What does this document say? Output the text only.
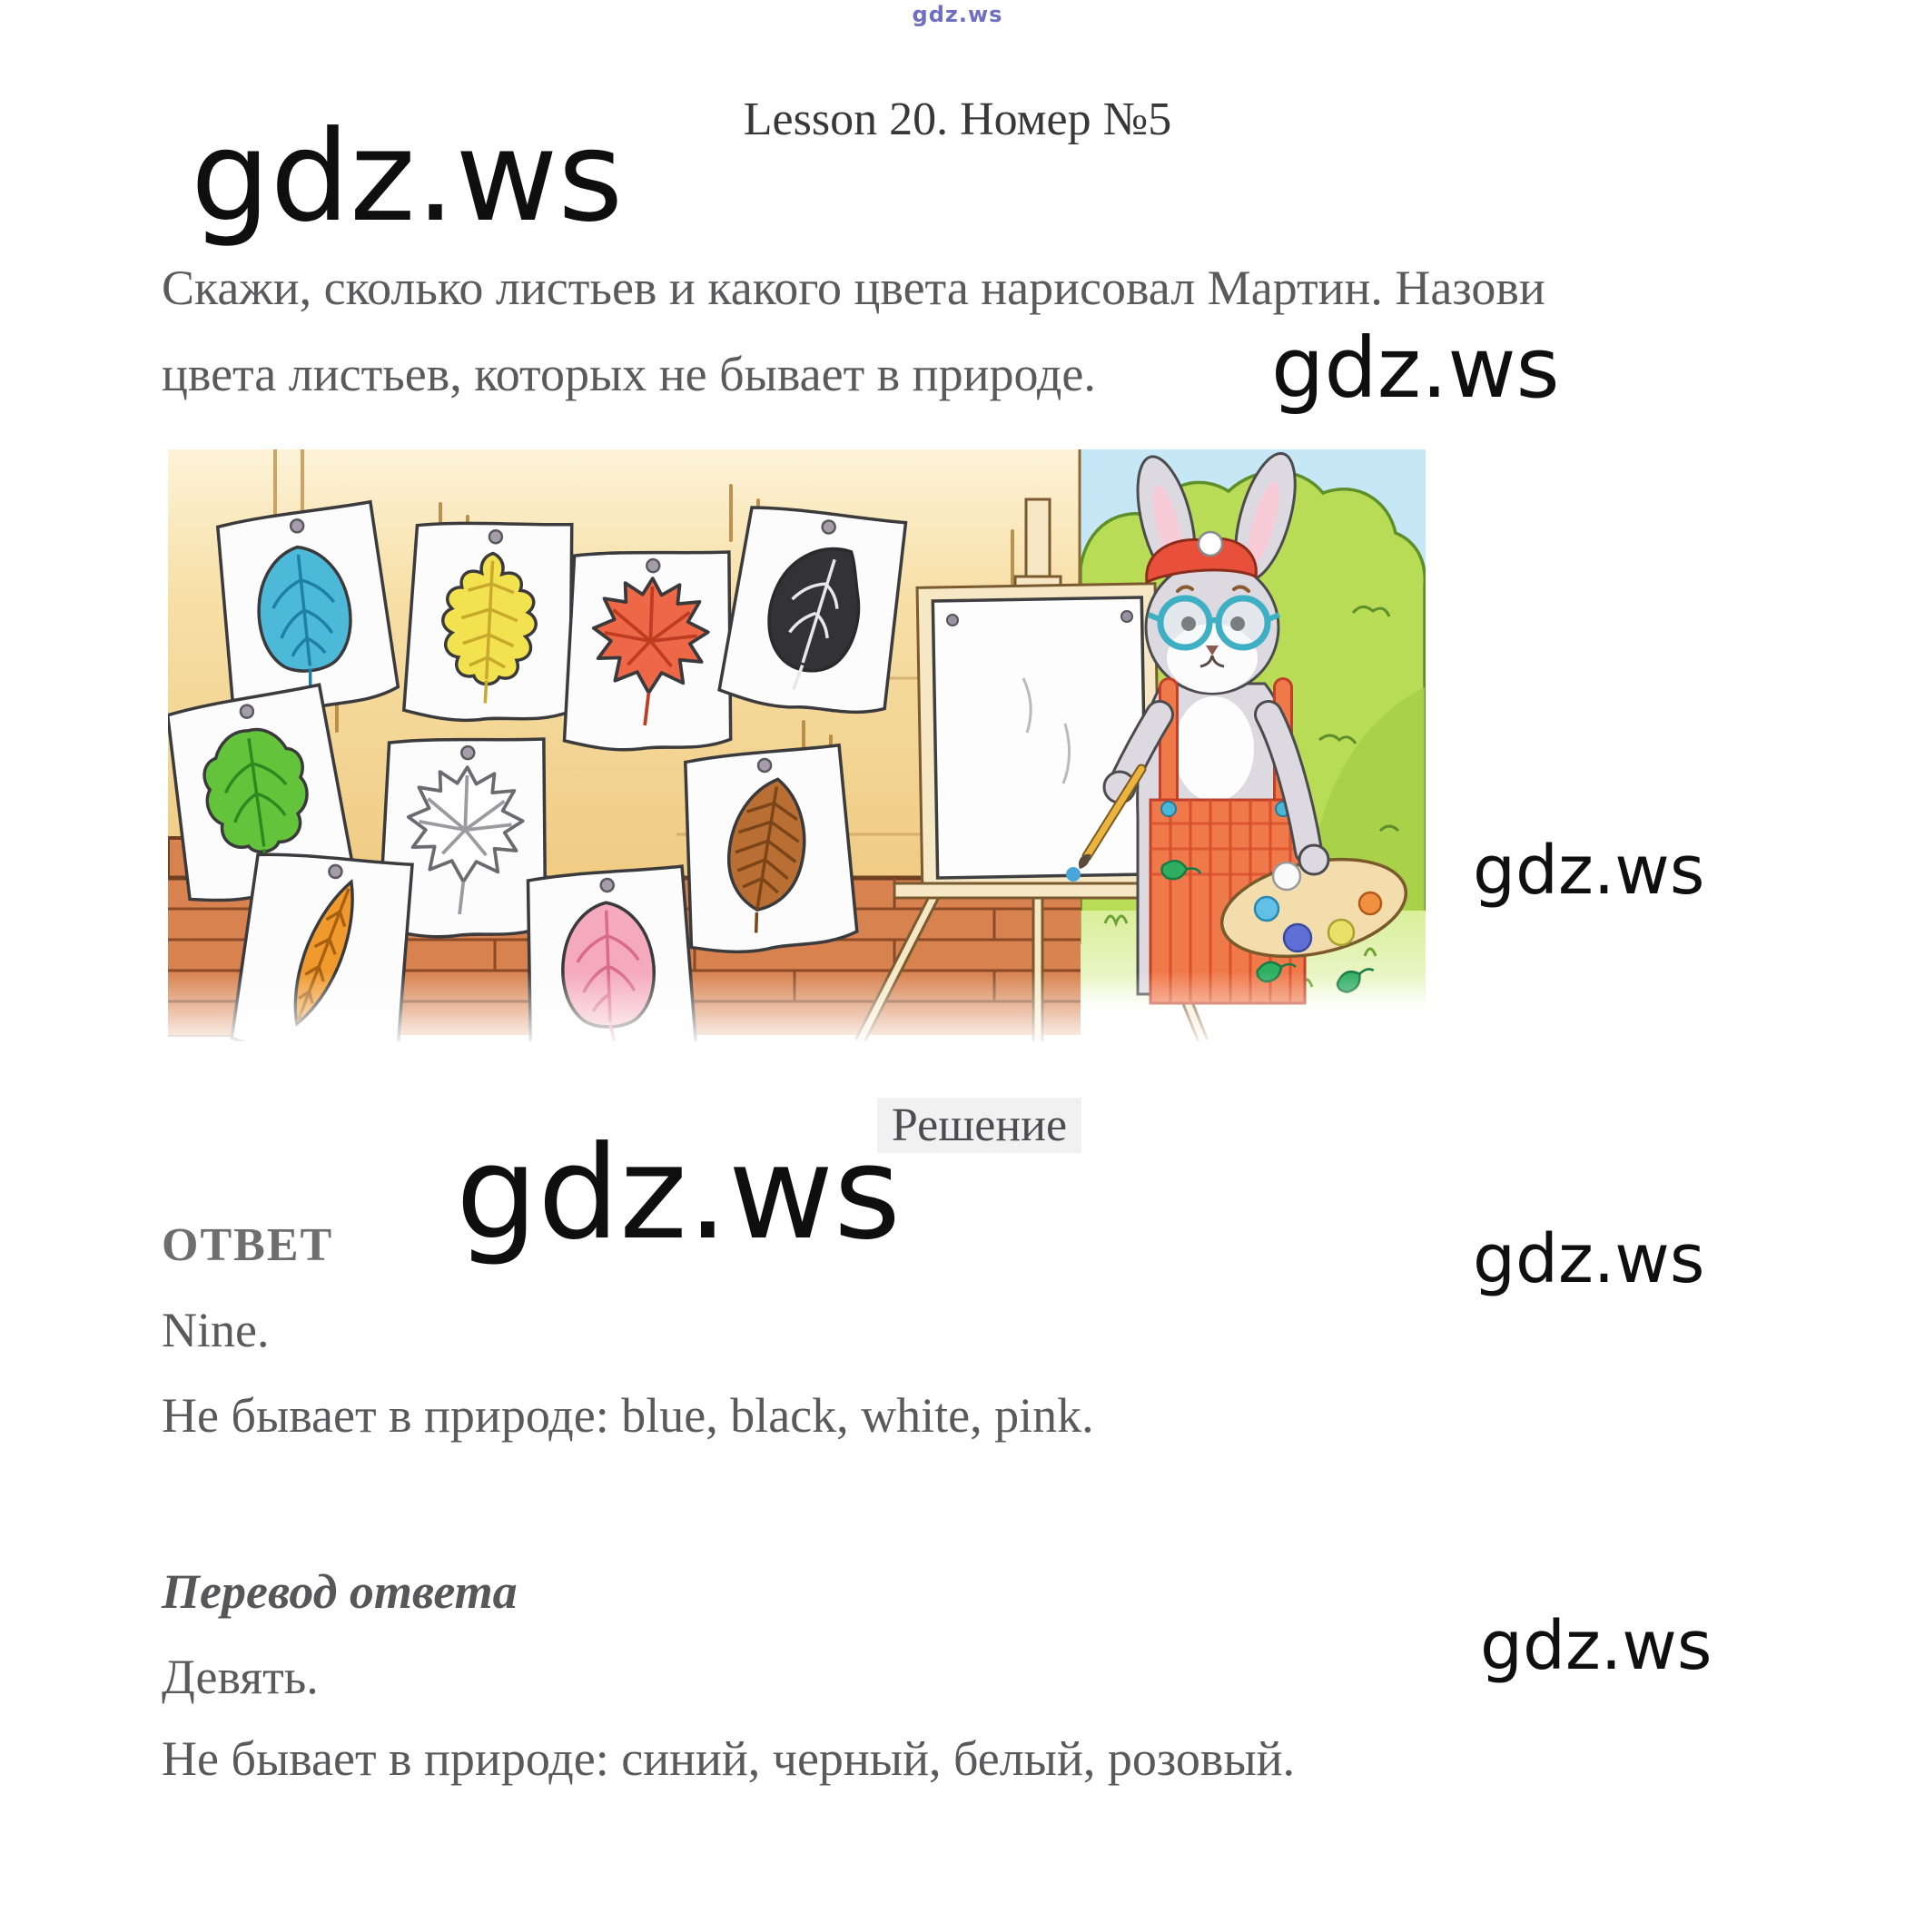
gdz.ws
Lesson 20. Номер №5
gdz.ws
Скажи, сколько листьев и какого цвета нарисовал Мартин. Назови
цвета листьев, которых не бывает в природе. gdz.ws
gdz.ws
Решение
gdz.ws
ОТВЕТ
Nine.
gdz.ws
Не бывает в природе: blue, black, white, pink.
Перевод ответа
Девять.	gdz.ws
Не бывает в природе: синий, черный, белый, розовый.
